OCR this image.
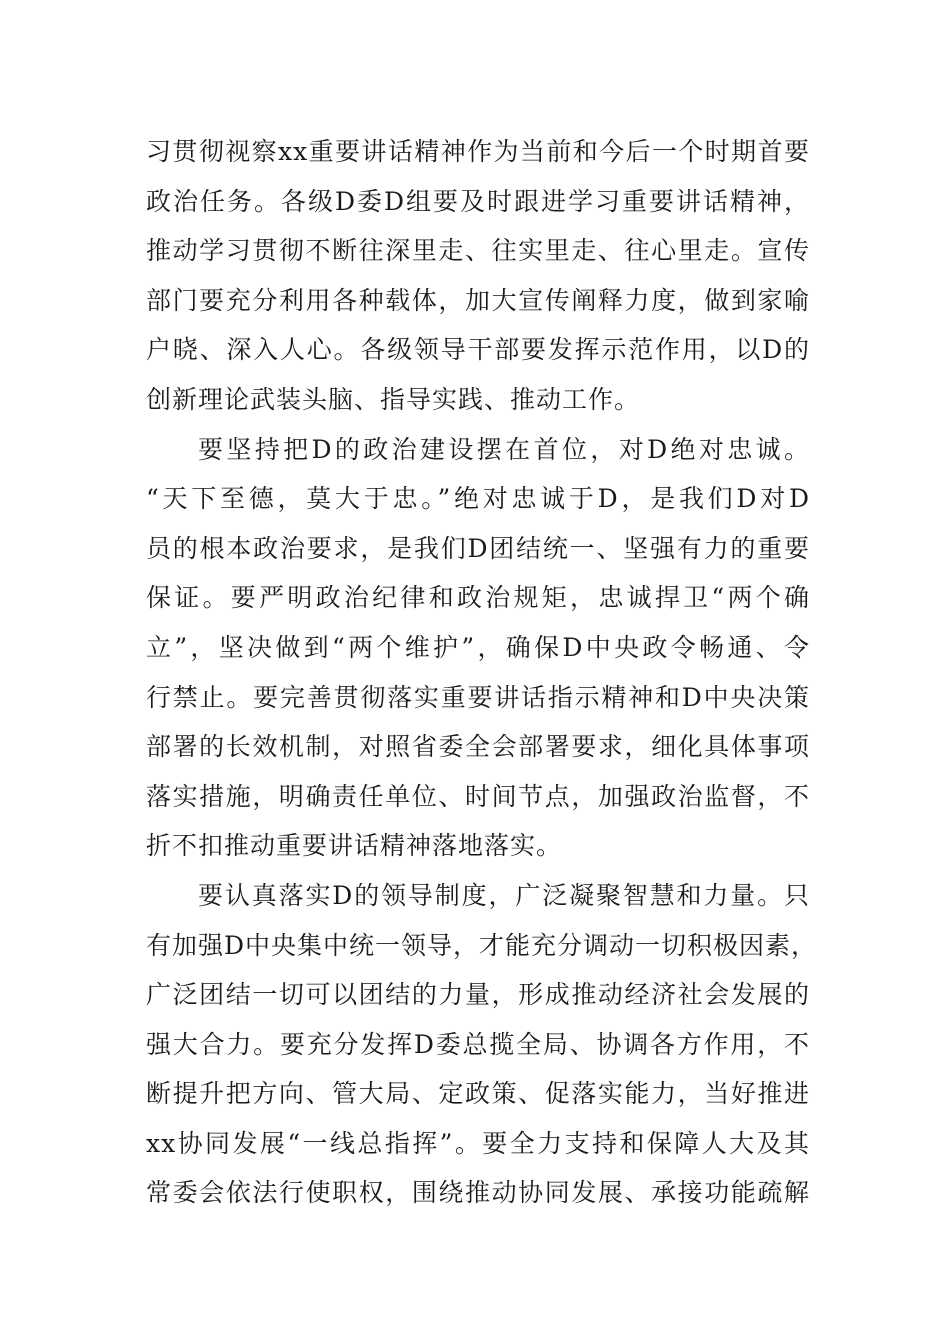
习贯彻视察xx重要讲话精神作为当前和今后一个时期首要
政治任务。各级D委D组要及时跟进学习重要讲话精神，
推动学习贯彻不断往深里走、往实里走、往心里走。宣传
部门要充分利用各种载体，加大宣传阐释力度，做到家喻
户晓、深入人心。各级领导干部要发挥示范作用，以D的
创新理论武装头脑、指导实践、推动工作。
要坚持把D的政治建设摆在首位，对D绝对忠诚。
“天下至德，莫大于忠。”绝对忠诚于D，是我们D对D
员的根本政治要求，是我们D团结统一、坚强有力的重要
保证。要严明政治纪律和政治规矩，忠诚捍卫“两个确
立”，坚决做到“两个维护”，确保D中央政令畅通、令
行禁止。要完善贯彻落实重要讲话指示精神和D中央决策
部署的长效机制，对照省委全会部署要求，细化具体事项
落实措施，明确责任单位、时间节点，加强政治监督，不
折不扣推动重要讲话精神落地落实。
要认真落实D的领导制度，广泛凝聚智慧和力量。只
有加强D中央集中统一领导，才能充分调动一切积极因素，
广泛团结一切可以团结的力量，形成推动经济社会发展的
强大合力。要充分发挥D委总揽全局、协调各方作用，不
断提升把方向、管大局、定政策、促落实能力，当好推进
xx协同发展“一线总指挥”。要全力支持和保障人大及其
常委会依法行使职权，围绕推动协同发展、承接功能疏解
